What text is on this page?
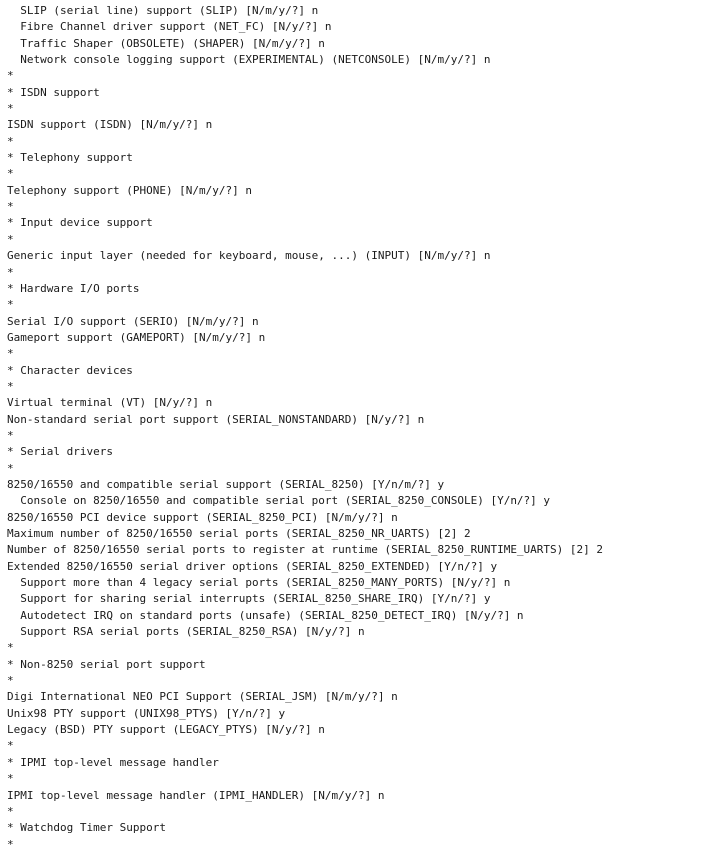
SLIP (serial line) support (SLIP) [N/m/y/?] n
Fibre Channel driver support (NET_FC) [N/y/?] n
Traffic Shaper (OBSOLETE) (SHAPER) [N/m/y/?] n
Network console logging support (EXPERIMENTAL) (NETCONSOLE) [N/m/y/?] n
*
* ISDN support
*
ISDN support (ISDN) [N/m/y/?] n
*
* Telephony support
*
Telephony support (PHONE) [N/m/y/?] n
*
* Input device support
*
Generic input layer (needed for keyboard, mouse, ...) (INPUT) [N/m/y/?] n
*
* Hardware I/O ports
*
Serial I/O support (SERIO) [N/m/y/?] n
Gameport support (GAMEPORT) [N/m/y/?] n
*
* Character devices
*
Virtual terminal (VT) [N/y/?] n
Non-standard serial port support (SERIAL_NONSTANDARD) [N/y/?] n
*
* Serial drivers
*
8250/16550 and compatible serial support (SERIAL_8250) [Y/n/m/?] y
Console on 8250/16550 and compatible serial port (SERIAL_8250_CONSOLE) [Y/n/?] y
8250/16550 PCI device support (SERIAL_8250_PCI) [N/m/y/?] n
Maximum number of 8250/16550 serial ports (SERIAL_8250_NR_UARTS) [2] 2
Number of 8250/16550 serial ports to register at runtime (SERIAL_8250_RUNTIME_UARTS) [2] 2
Extended 8250/16550 serial driver options (SERIAL_8250_EXTENDED) [Y/n/?] y
Support more than 4 legacy serial ports (SERIAL_8250_MANY_PORTS) [N/y/?] n
Support for sharing serial interrupts (SERIAL_8250_SHARE_IRQ) [Y/n/?] y
Autodetect IRQ on standard ports (unsafe) (SERIAL_8250_DETECT_IRQ) [N/y/?] n
Support RSA serial ports (SERIAL_8250_RSA) [N/y/?] n
*
* Non-8250 serial port support
*
Digi International NEO PCI Support (SERIAL_JSM) [N/m/y/?] n
Unix98 PTY support (UNIX98_PTYS) [Y/n/?] y
Legacy (BSD) PTY support (LEGACY_PTYS) [N/y/?] n
*
* IPMI top-level message handler
*
IPMI top-level message handler (IPMI_HANDLER) [N/m/y/?] n
*
* Watchdog Timer Support
*
